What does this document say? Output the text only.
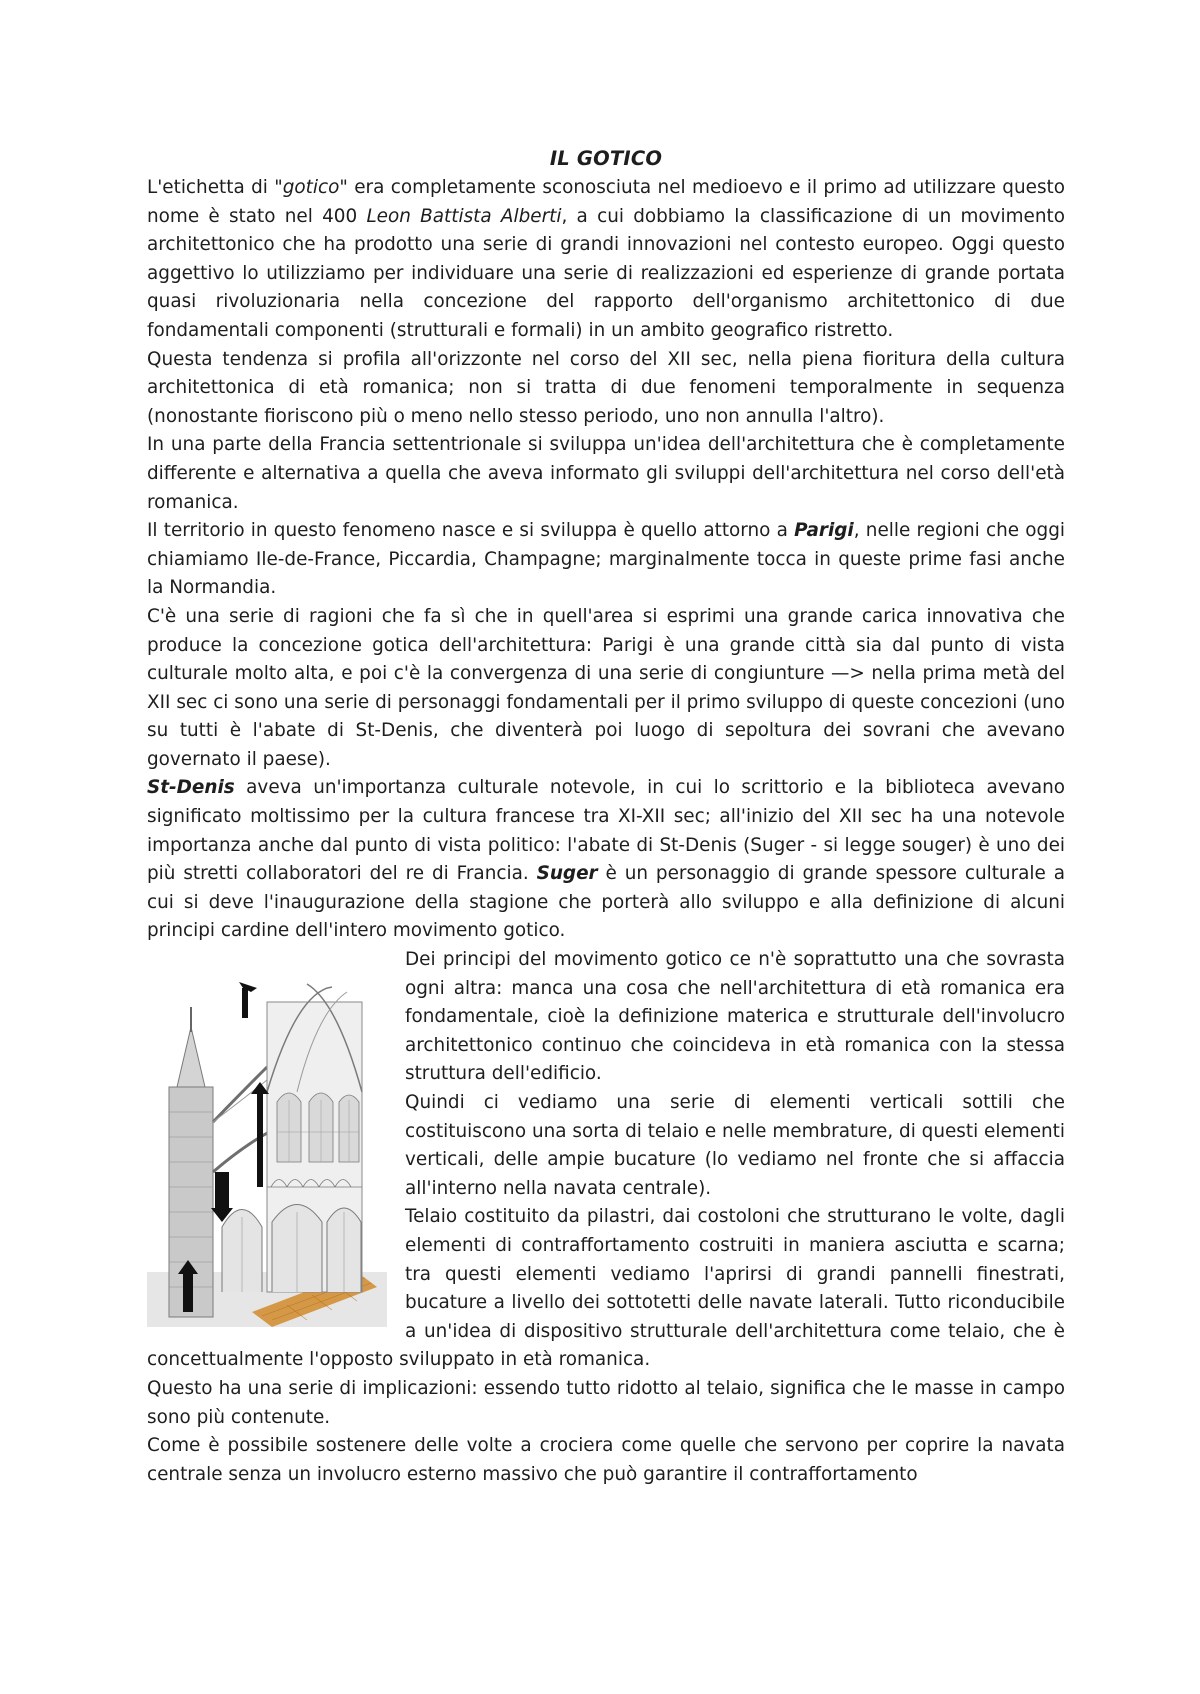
IL GOTICO

L'etichetta di "gotico" era completamente sconosciuta nel medioevo e il primo ad utilizzare questo nome è stato nel 400 Leon Battista Alberti, a cui dobbiamo la classificazione di un movimento architettonico che ha prodotto una serie di grandi innovazioni nel contesto europeo. Oggi questo aggettivo lo utilizziamo per individuare una serie di realizzazioni ed esperienze di grande portata quasi rivoluzionaria nella concezione del rapporto dell'organismo architettonico di due fondamentali componenti (strutturali e formali) in un ambito geografico ristretto.

Questa tendenza si profila all'orizzonte nel corso del XII sec, nella piena fioritura della cultura architettonica di età romanica; non si tratta di due fenomeni temporalmente in sequenza (nonostante fioriscono più o meno nello stesso periodo, uno non annulla l'altro).

In una parte della Francia settentrionale si sviluppa un'idea dell'architettura che è completamente differente e alternativa a quella che aveva informato gli sviluppi dell'architettura nel corso dell'età romanica.

Il territorio in questo fenomeno nasce e si sviluppa è quello attorno a Parigi, nelle regioni che oggi chiamiamo Ile-de-France, Piccardia, Champagne; marginalmente tocca in queste prime fasi anche la Normandia.

C'è una serie di ragioni che fa sì che in quell'area si esprimi una grande carica innovativa che produce la concezione gotica dell'architettura: Parigi è una grande città sia dal punto di vista culturale molto alta, e poi c'è la convergenza di una serie di congiunture —> nella prima metà del XII sec ci sono una serie di personaggi fondamentali per il primo sviluppo di queste concezioni (uno su tutti è l'abate di St-Denis, che diventerà poi luogo di sepoltura dei sovrani che avevano governato il paese).

St-Denis aveva un'importanza culturale notevole, in cui lo scrittorio e la biblioteca avevano significato moltissimo per la cultura francese tra XI-XII sec; all'inizio del XII sec ha una notevole importanza anche dal punto di vista politico: l'abate di St-Denis (Suger - si legge souger) è uno dei più stretti collaboratori del re di Francia. Suger è un personaggio di grande spessore culturale a cui si deve l'inaugurazione della stagione che porterà allo sviluppo e alla definizione di alcuni principi cardine dell'intero movimento gotico.

Dei principi del movimento gotico ce n'è soprattutto una che sovrasta ogni altra: manca una cosa che nell'architettura di età romanica era fondamentale, cioè la definizione materica e strutturale dell'involucro architettonico continuo che coincideva in età romanica con la stessa struttura dell'edificio.

Quindi ci vediamo una serie di elementi verticali sottili che costituiscono una sorta di telaio e nelle membrature, di questi elementi verticali, delle ampie bucature (lo vediamo nel fronte che si affaccia all'interno nella navata centrale).

Telaio costituito da pilastri, dai costoloni che strutturano le volte, dagli elementi di contraffortamento costruiti in maniera asciutta e scarna; tra questi elementi vediamo l'aprirsi di grandi pannelli finestrati, bucature a livello dei sottotetti delle navate laterali. Tutto riconducibile a un'idea di dispositivo strutturale dell'architettura come telaio, che è concettualmente l'opposto sviluppato in età romanica.

Questo ha una serie di implicazioni: essendo tutto ridotto al telaio, significa che le masse in campo sono più contenute.

Come è possibile sostenere delle volte a crociera come quelle che servono per coprire la navata centrale senza un involucro esterno massivo che può garantire il contraffortamento
